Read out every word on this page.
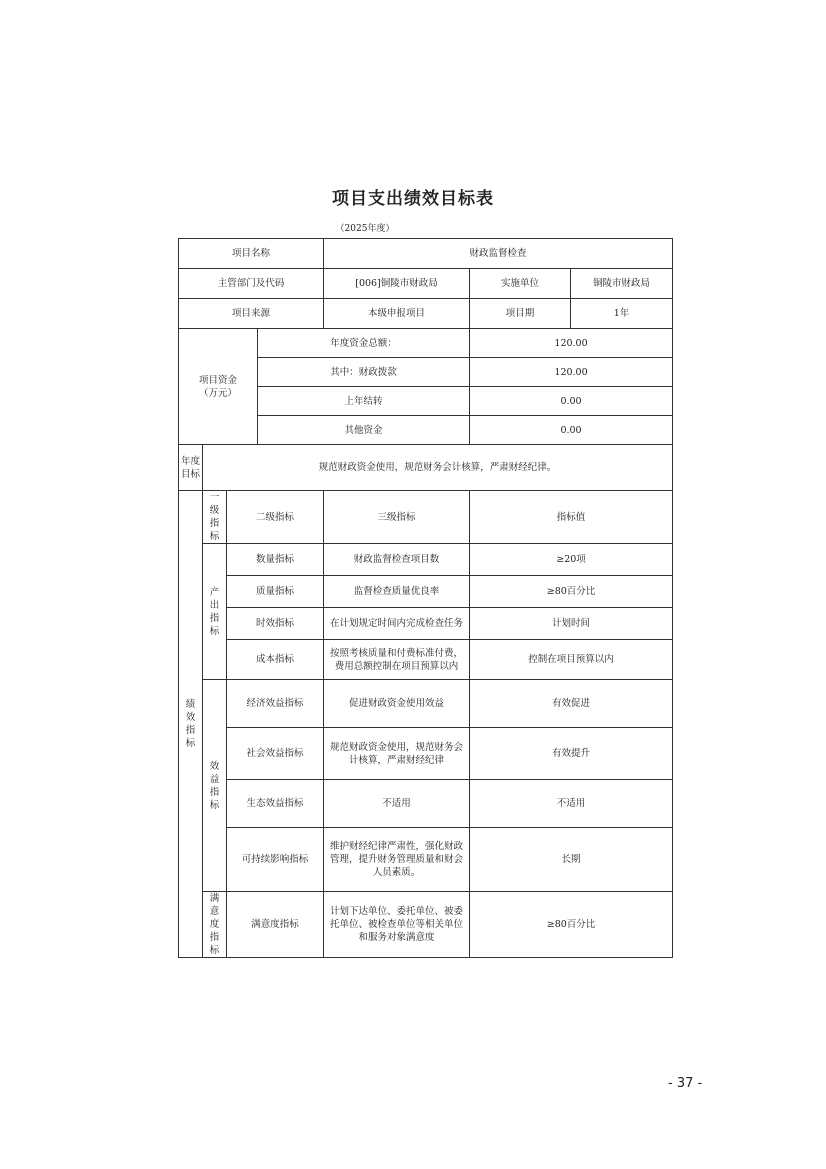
项目支出绩效目标表
（2025年度）
项目名称				财政监督检查		
主管部门及代码				[006]铜陵市财政局	实施单位	铜陵市财政局
项目来源				本级申报项目	项目期	1年
项目资金
（万元）			年度资金总额：		120.00	
			其中：财政拨款		120.00	
			上年结转		0.00	
			其他资金		0.00	
年度目标	规范财政资金使用，规范财务会计核算，严肃财经纪律。					
绩效指标	一级指标	二级指标		三级指标	指标值	
	产出指标	数量指标		财政监督检查项目数	≥20项	
		质量指标		监督检查质量优良率	≥80百分比	
		时效指标		在计划规定时间内完成检查任务	计划时间	
		成本指标		按照考核质量和付费标准付费，费用总额控制在项目预算以内	控制在项目预算以内	
	效益指标	经济效益指标		促进财政资金使用效益	有效促进	
		社会效益指标		规范财政资金使用，规范财务会计核算，严肃财经纪律	有效提升	

		生态效益指标		不适用	不适用	

		可持续影响指标		维护财经纪律严肃性，强化财政管理，提升财务管理质量和财会人员素质。	长期	

	满意度指标	满意度指标		计划下达单位、委托单位、被委托单位、被检查单位等相关单位和服务对象满意度	≥80百分比	
- 37 -
